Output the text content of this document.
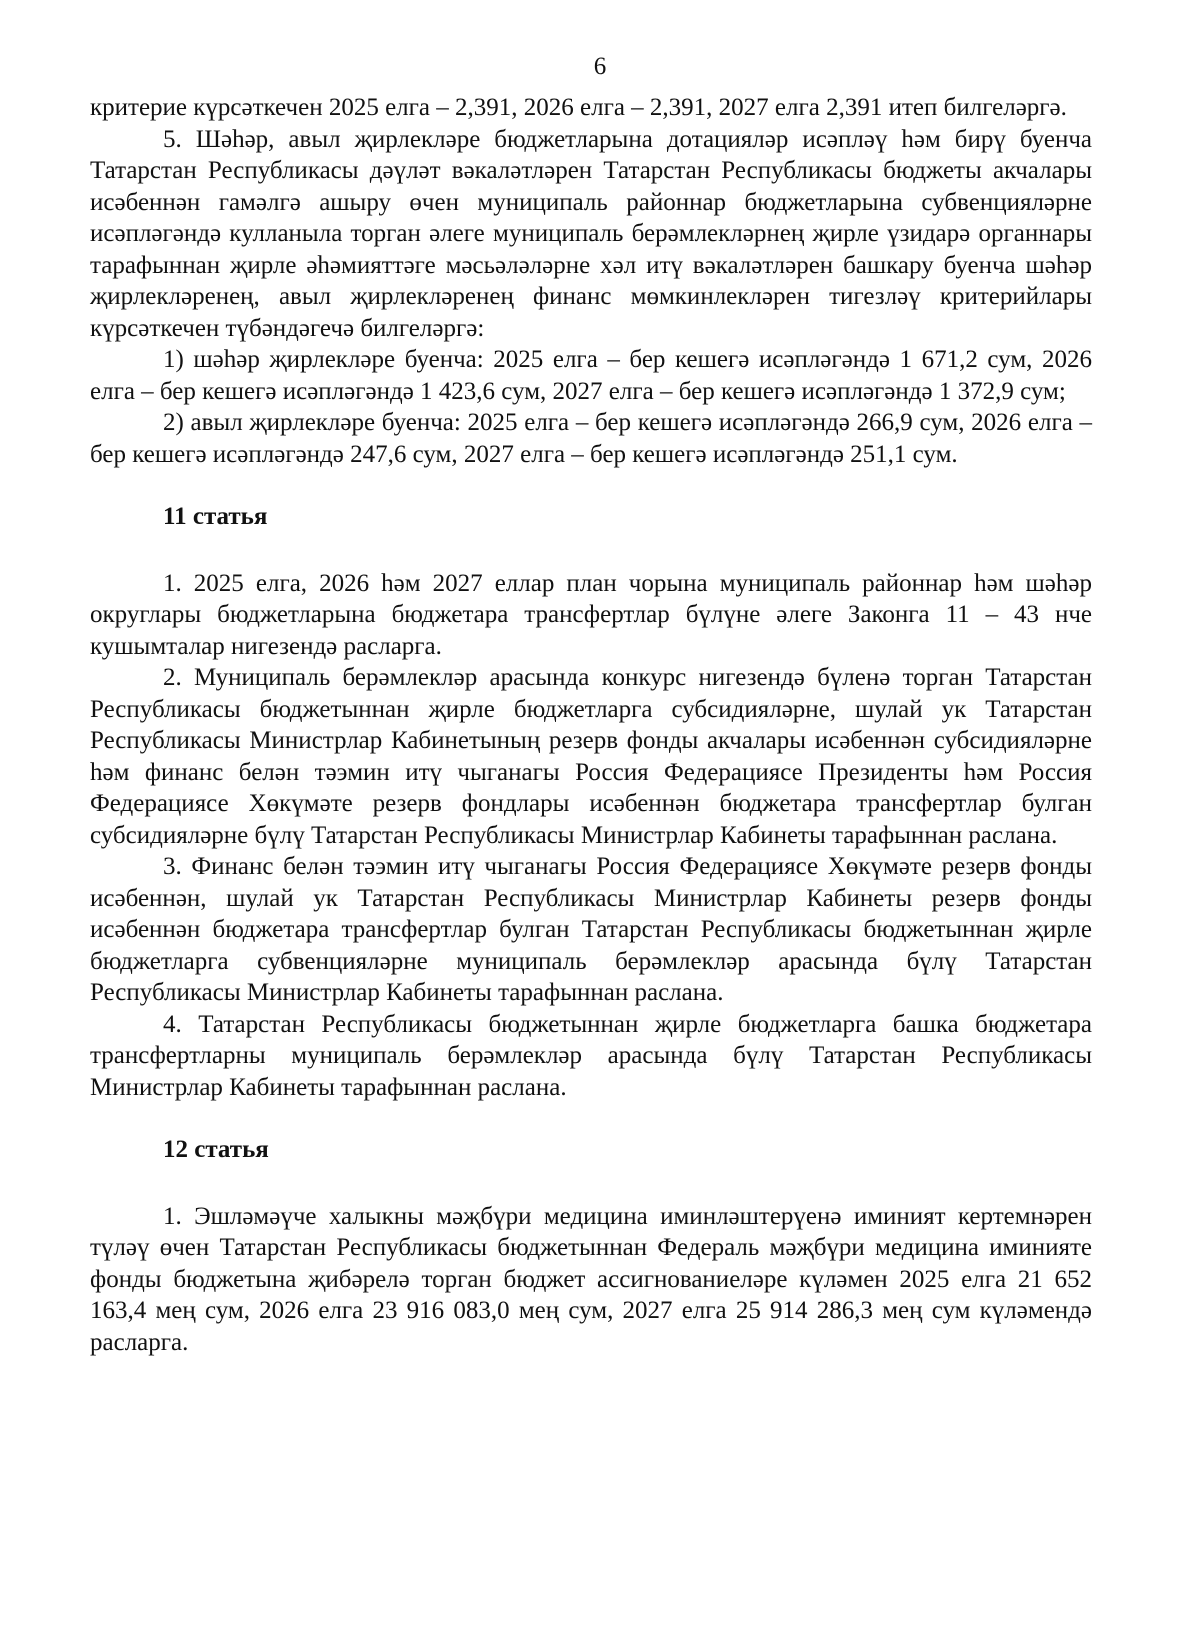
6

критерие күрсәткечен 2025 елга – 2,391, 2026 елга – 2,391, 2027 елга 2,391 итеп билгеләргә.

5. Шәһәр, авыл җирлекләре бюджетларына дотацияләр исәпләү һәм бирү буенча Татарстан Республикасы дәүләт вәкаләтләрен Татарстан Республикасы бюджеты акчалары исәбеннән гамәлгә ашыру өчен муниципаль районнар бюджетларына субвенцияләрне исәпләгәндә кулланыла торган әлеге муниципаль берәмлекләрнең җирле үзидарә органнары тарафыннан җирле әһәмияттәге мәсьәләләрне хәл итү вәкаләтләрен башкару буенча шәһәр җирлекләренең, авыл җирлекләренең финанс мөмкинлекләрен тигезләү критерийлары күрсәткечен түбәндәгечә билгеләргә:

1) шәһәр җирлекләре буенча: 2025 елга – бер кешегә исәпләгәндә 1 671,2 сум, 2026 елга – бер кешегә исәпләгәндә 1 423,6 сум, 2027 елга – бер кешегә исәпләгәндә 1 372,9 сум;

2) авыл җирлекләре буенча: 2025 елга – бер кешегә исәпләгәндә 266,9 сум, 2026 елга – бер кешегә исәпләгәндә 247,6 сум, 2027 елга – бер кешегә исәпләгәндә 251,1 сум.

11 статья

1. 2025 елга, 2026 һәм 2027 еллар план чорына муниципаль районнар һәм шәһәр округлары бюджетларына бюджетара трансфертлар бүлүне әлеге Законга 11 – 43 нче кушымталар нигезендә расларга.

2. Муниципаль берәмлекләр арасында конкурс нигезендә бүленә торган Татарстан Республикасы бюджетыннан җирле бюджетларга субсидияләрне, шулай ук Татарстан Республикасы Министрлар Кабинетының резерв фонды акчалары исәбеннән субсидияләрне һәм финанс белән тәэмин итү чыганагы Россия Федерациясе Президенты һәм Россия Федерациясе Хөкүмәте резерв фондлары исәбеннән бюджетара трансфертлар булган субсидияләрне бүлү Татарстан Республикасы Министрлар Кабинеты тарафыннан раслана.

3. Финанс белән тәэмин итү чыганагы Россия Федерациясе Хөкүмәте резерв фонды исәбеннән, шулай ук Татарстан Республикасы Министрлар Кабинеты резерв фонды исәбеннән бюджетара трансфертлар булган Татарстан Республикасы бюджетыннан җирле бюджетларга субвенцияләрне муниципаль берәмлекләр арасында бүлү Татарстан Республикасы Министрлар Кабинеты тарафыннан раслана.

4. Татарстан Республикасы бюджетыннан җирле бюджетларга башка бюджетара трансфертларны муниципаль берәмлекләр арасында бүлү Татарстан Республикасы Министрлар Кабинеты тарафыннан раслана.

12 статья

1. Эшләмәүче халыкны мәҗбүри медицина иминләштерүенә иминият кертемнәрен түләү өчен Татарстан Республикасы бюджетыннан Федераль мәҗбүри медицина иминияте фонды бюджетына җибәрелә торган бюджет ассигнованиеләре күләмен 2025 елга 21 652 163,4 мең сум, 2026 елга 23 916 083,0 мең сум, 2027 елга 25 914 286,3 мең сум күләмендә расларга.
